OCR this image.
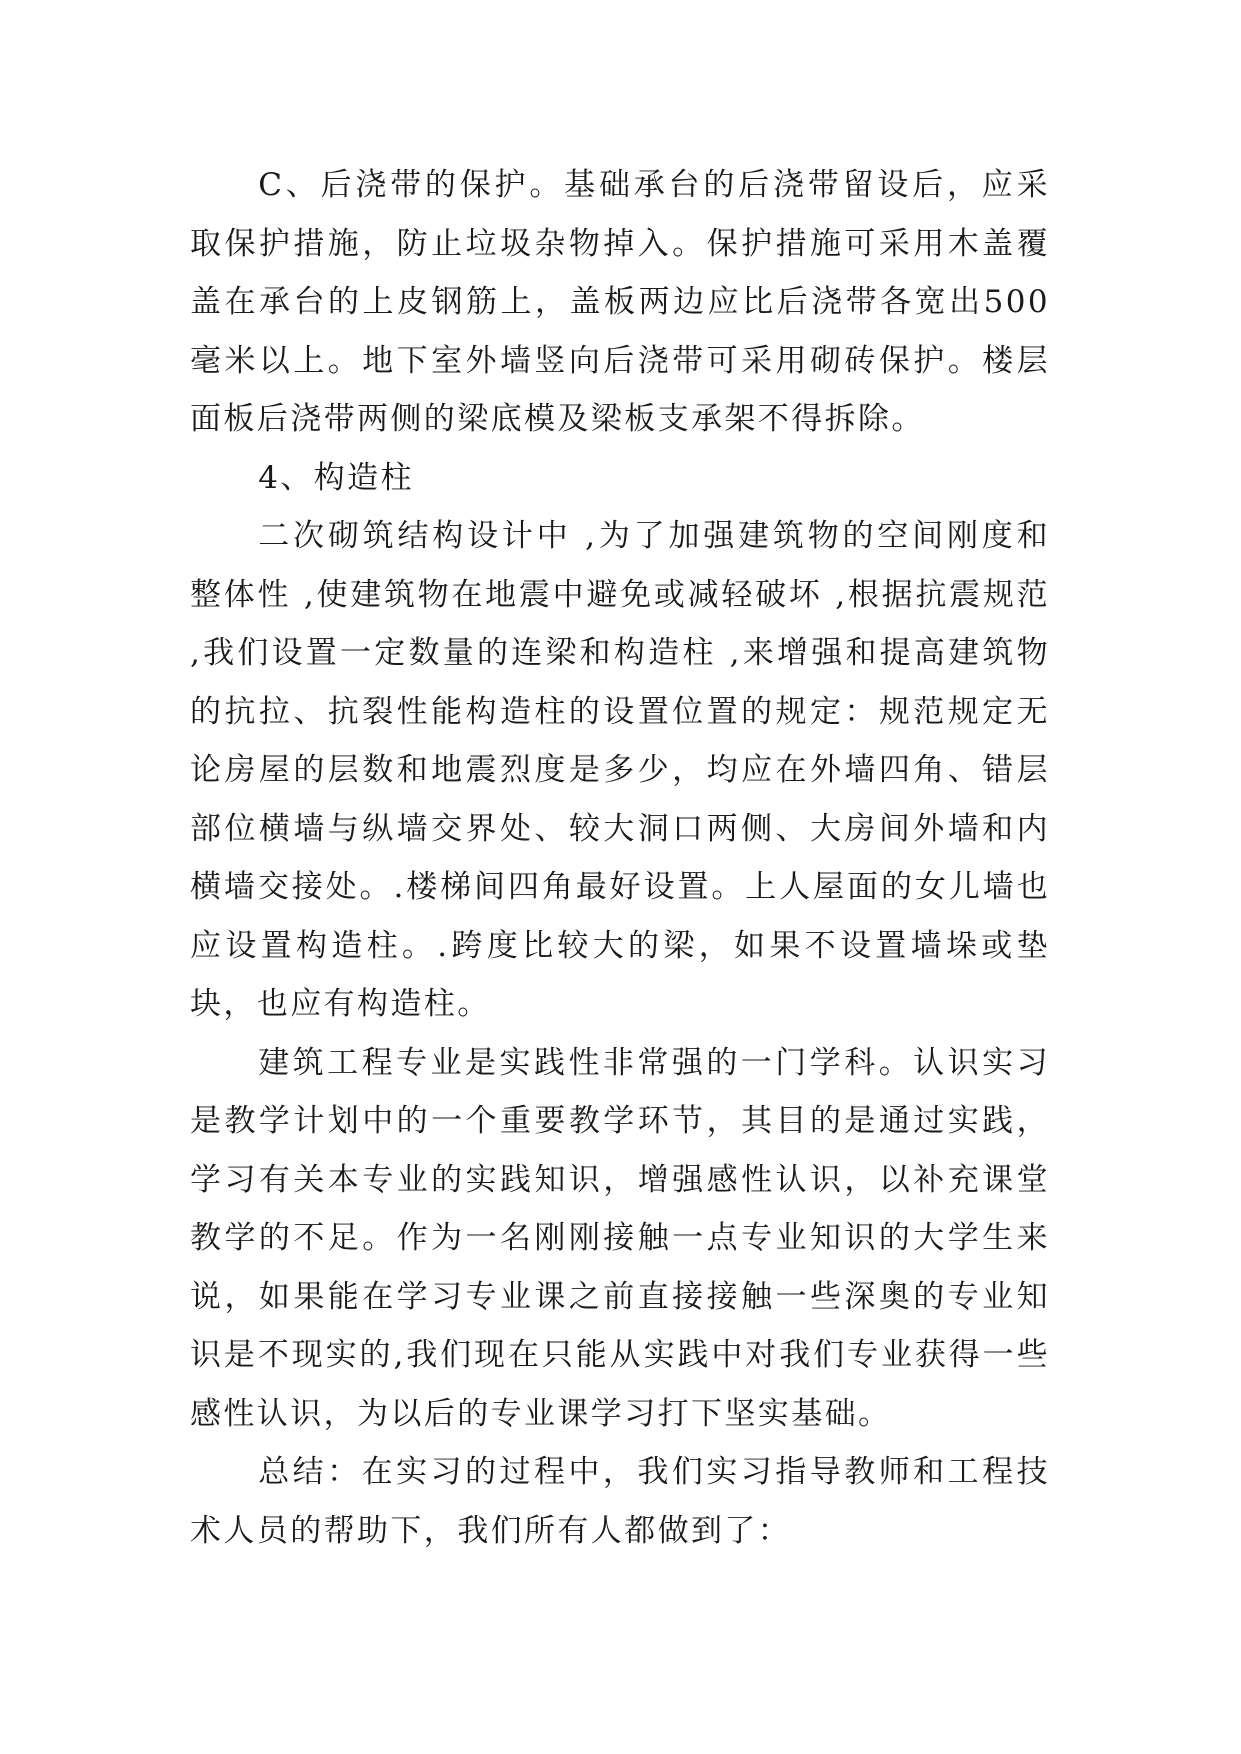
C、后浇带的保护。基础承台的后浇带留设后，应采取保护措施，防止垃圾杂物掉入。保护措施可采用木盖覆盖在承台的上皮钢筋上，盖板两边应比后浇带各宽出500毫米以上。地下室外墙竖向后浇带可采用砌砖保护。楼层面板后浇带两侧的梁底模及梁板支承架不得拆除。

4、构造柱

二次砌筑结构设计中 ,为了加强建筑物的空间刚度和整体性 ,使建筑物在地震中避免或减轻破坏 ,根据抗震规范 ,我们设置一定数量的连梁和构造柱 ,来增强和提高建筑物的抗拉、抗裂性能构造柱的设置位置的规定：规范规定无论房屋的层数和地震烈度是多少，均应在外墙四角、错层部位横墙与纵墙交界处、较大洞口两侧、大房间外墙和内横墙交接处。.楼梯间四角最好设置。上人屋面的女儿墙也应设置构造柱。.跨度比较大的梁，如果不设置墙垛或垫块，也应有构造柱。

建筑工程专业是实践性非常强的一门学科。认识实习是教学计划中的一个重要教学环节，其目的是通过实践，学习有关本专业的实践知识，增强感性认识，以补充课堂教学的不足。作为一名刚刚接触一点专业知识的大学生来说，如果能在学习专业课之前直接接触一些深奥的专业知识是不现实的,我们现在只能从实践中对我们专业获得一些感性认识，为以后的专业课学习打下坚实基础。

总结：在实习的过程中，我们实习指导教师和工程技术人员的帮助下，我们所有人都做到了：
